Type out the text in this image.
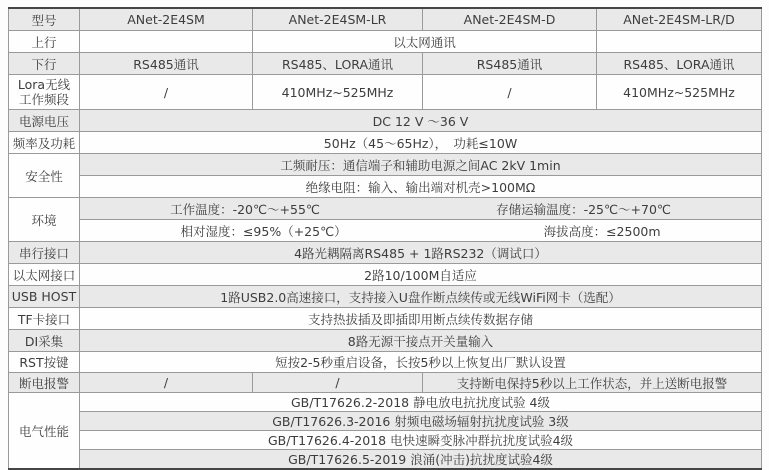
型号	ANet-2E4SM	ANet-2E4SM-LR	ANet-2E4SM-D	ANet-2E4SM-LR/D
上行		以太网通讯		
下行	RS485通讯	RS485、LORA通讯	RS485通讯	RS485、LORA通讯

Lora无线
工作频段	/	410MHz~525MHz	/	410MHz~525MHz
电源电压	DC 12 V ～36 V			
频率及功耗	50Hz（45～65Hz），　功耗≤10W			
安全性	工频耐压：通信端子和辅助电源之间AC 2kV 1min			
	绝缘电阻：输入、输出端对机壳>100MΩ			
环境	工作温度：-20℃～+55℃ 存储运输温度：-25℃～+70℃			

	相对湿度：≤95%（+25℃） 海拔高度：≤2500m			

串行接口	4路光耦隔离RS485 + 1路RS232（调试口）			
以太网接口	2路10/100M自适应			
USB HOST	1路USB2.0高速接口，支持接入U盘作断点续传或无线WiFi网卡（选配）			
TF卡接口	支持热拔插及即插即用断点续传数据存储			
DI采集	8路无源干接点开关量输入			
RST按键	短按2-5秒重启设备，长按5秒以上恢复出厂默认设置			
断电报警	/	/	支持断电保持5秒以上工作状态，并上送断电报警	
电气性能	GB/T17626.2-2018 静电放电抗扰度试验 4级			
	GB/T17626.3-2016 射频电磁场辐射抗扰度试验 3级			
	GB/T17626.4-2018 电快速瞬变脉冲群抗扰度试验4级			
	GB/T17626.5-2019 浪涌(冲击)抗扰度试验4级			
